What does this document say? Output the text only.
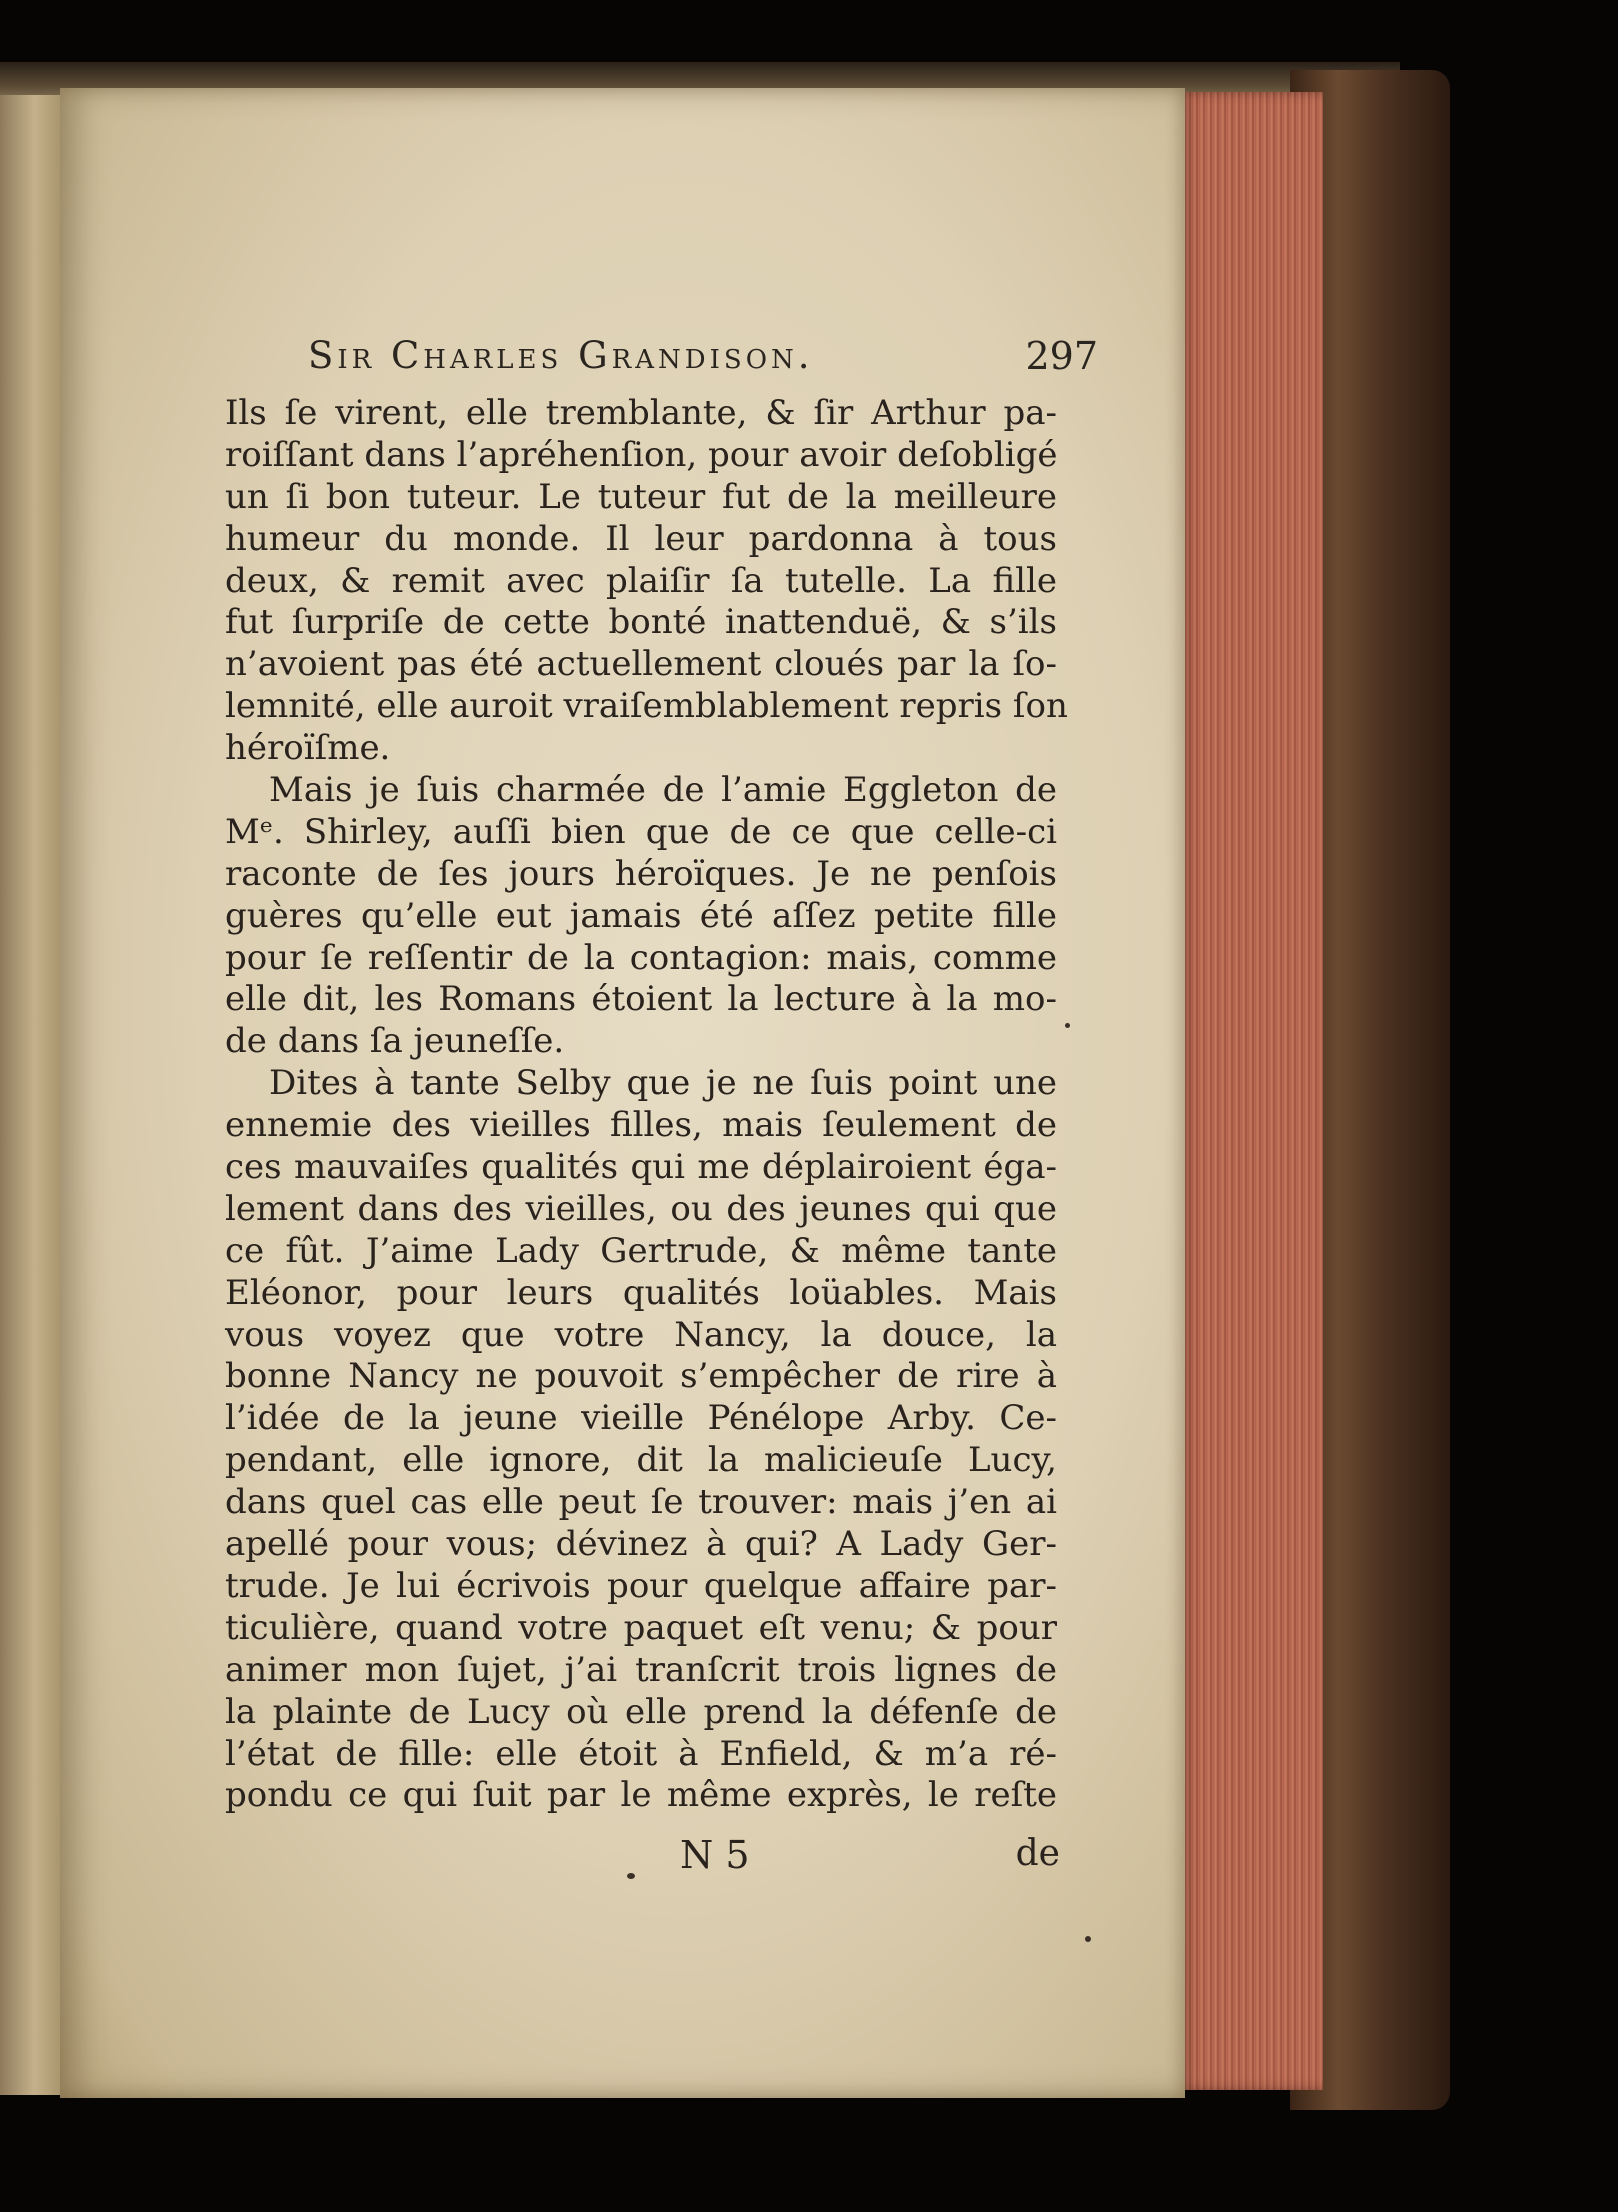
Sir Charles Grandison.	297
Ils ſe virent, elle tremblante, & ſir Arthur pa-
roiſſant dans l’apréhenſion, pour avoir deſobligé
un ſi bon tuteur. Le tuteur fut de la meilleure
humeur du monde. Il leur pardonna à tous
deux, & remit avec plaiſir ſa tutelle. La fille
fut ſurpriſe de cette bonté inattenduë, & s’ils
n’avoient pas été actuellement cloués par la ſo-
lemnité, elle auroit vraiſemblablement repris ſon
héroïſme.
Mais je ſuis charmée de l’amie Eggleton de
Mᵉ. Shirley, auſſi bien que de ce que celle-ci
raconte de ſes jours héroïques. Je ne penſois
guères qu’elle eut jamais été aſſez petite fille
pour ſe reſſentir de la contagion: mais, comme
elle dit, les Romans étoient la lecture à la mo-
de dans ſa jeuneſſe.
Dites à tante Selby que je ne ſuis point une
ennemie des vieilles filles, mais ſeulement de
ces mauvaiſes qualités qui me déplairoient éga-
lement dans des vieilles, ou des jeunes qui que
ce fût. J’aime Lady Gertrude, & même tante
Eléonor, pour leurs qualités loüables. Mais
vous voyez que votre Nancy, la douce, la
bonne Nancy ne pouvoit s’empêcher de rire à
l’idée de la jeune vieille Pénélope Arby. Ce-
pendant, elle ignore, dit la malicieuſe Lucy,
dans quel cas elle peut ſe trouver: mais j’en ai
apellé pour vous; dévinez à qui? A Lady Ger-
trude. Je lui écrivois pour quelque affaire par-
ticulière, quand votre paquet eſt venu; & pour
animer mon ſujet, j’ai tranſcrit trois lignes de
la plainte de Lucy où elle prend la défenſe de
l’état de fille: elle étoit à Enfield, & m’a ré-
pondu ce qui ſuit par le même exprès, le reſte
N 5	de
